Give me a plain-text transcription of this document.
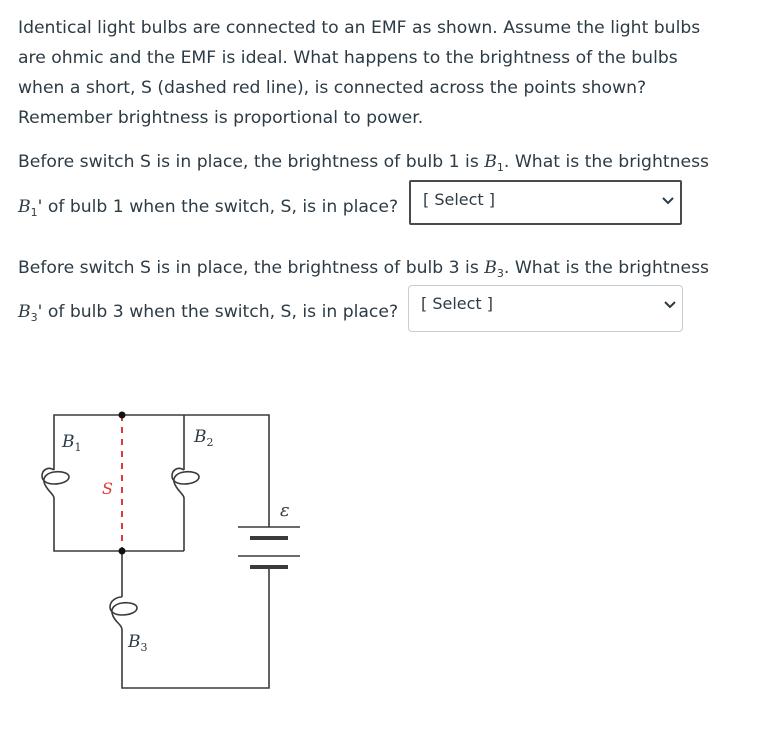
Identical light bulbs are connected to an EMF as shown. Assume the light bulbs
are ohmic and the EMF is ideal. What happens to the brightness of the bulbs
when a short, S (dashed red line), is connected across the points shown?
Remember brightness is proportional to power.
Before switch S is in place, the brightness of bulb 1 is $B_1$. What is the brightness
$B_1'$ of bulb 1 when the switch, S, is in place? [ Select ]
Before switch S is in place, the brightness of bulb 3 is $B_3$. What is the brightness
$B_3'$ of bulb 3 when the switch, S, is in place? [ Select ]
$B_1$
$B_2$
$B_3$
S
ε
